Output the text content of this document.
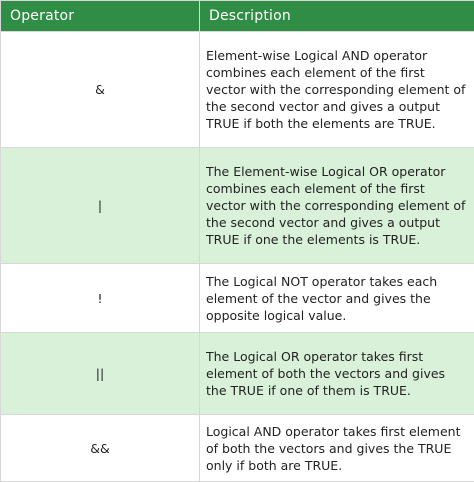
Operator	Description
&	Element-wise Logical AND operator combines each element of the first vector with the corresponding element of the second vector and gives a output TRUE if both the elements are TRUE.
|	The Element-wise Logical OR operator combines each element of the first vector with the corresponding element of the second vector and gives a output TRUE if one the elements is TRUE.
!	The Logical NOT operator takes each element of the vector and gives the opposite logical value.
||	The Logical OR operator takes first element of both the vectors and gives the TRUE if one of them is TRUE.
&&	Logical AND operator takes first element of both the vectors and gives the TRUE only if both are TRUE.
